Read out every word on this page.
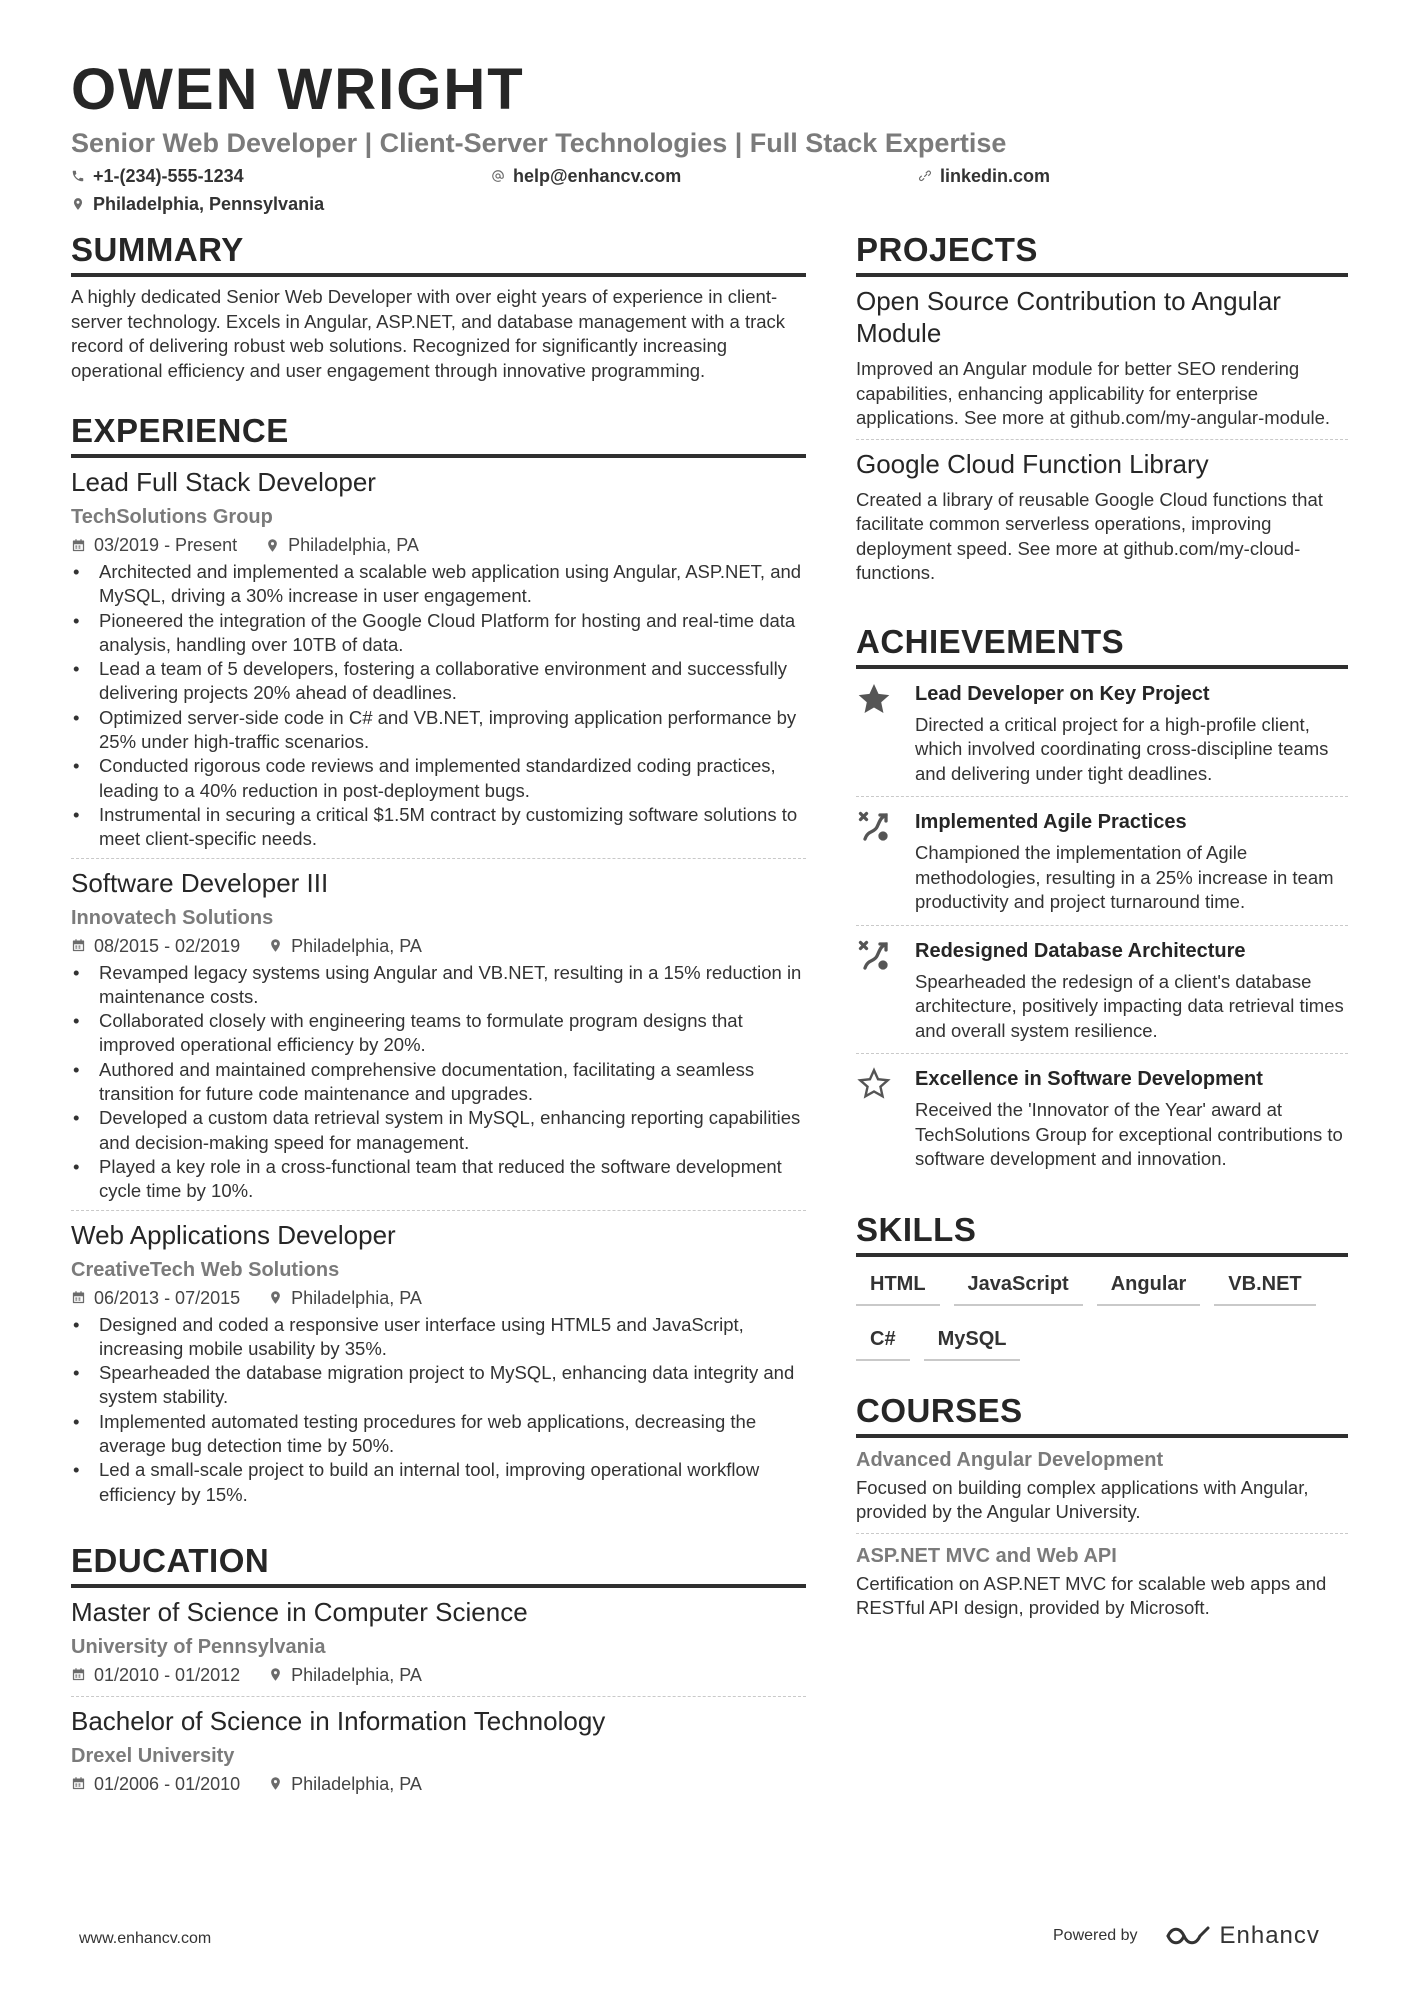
OWEN WRIGHT
Senior Web Developer | Client-Server Technologies | Full Stack Expertise
+1-(234)-555-1234	help@enhancv.com	linkedin.com
Philadelphia, Pennsylvania
SUMMARY
A highly dedicated Senior Web Developer with over eight years of experience in client-server technology. Excels in Angular, ASP.NET, and database management with a track record of delivering robust web solutions. Recognized for significantly increasing operational efficiency and user engagement through innovative programming.
EXPERIENCE
Lead Full Stack Developer
TechSolutions Group
03/2019 - Present	Philadelphia, PA
• Architected and implemented a scalable web application using Angular, ASP.NET, and MySQL, driving a 30% increase in user engagement.
• Pioneered the integration of the Google Cloud Platform for hosting and real-time data analysis, handling over 10TB of data.
• Lead a team of 5 developers, fostering a collaborative environment and successfully delivering projects 20% ahead of deadlines.
• Optimized server-side code in C# and VB.NET, improving application performance by 25% under high-traffic scenarios.
• Conducted rigorous code reviews and implemented standardized coding practices, leading to a 40% reduction in post-deployment bugs.
• Instrumental in securing a critical $1.5M contract by customizing software solutions to meet client-specific needs.
Software Developer III
Innovatech Solutions
08/2015 - 02/2019	Philadelphia, PA
• Revamped legacy systems using Angular and VB.NET, resulting in a 15% reduction in maintenance costs.
• Collaborated closely with engineering teams to formulate program designs that improved operational efficiency by 20%.
• Authored and maintained comprehensive documentation, facilitating a seamless transition for future code maintenance and upgrades.
• Developed a custom data retrieval system in MySQL, enhancing reporting capabilities and decision-making speed for management.
• Played a key role in a cross-functional team that reduced the software development cycle time by 10%.
Web Applications Developer
CreativeTech Web Solutions
06/2013 - 07/2015	Philadelphia, PA
• Designed and coded a responsive user interface using HTML5 and JavaScript, increasing mobile usability by 35%.
• Spearheaded the database migration project to MySQL, enhancing data integrity and system stability.
• Implemented automated testing procedures for web applications, decreasing the average bug detection time by 50%.
• Led a small-scale project to build an internal tool, improving operational workflow efficiency by 15%.
EDUCATION
Master of Science in Computer Science
University of Pennsylvania
01/2010 - 01/2012	Philadelphia, PA
Bachelor of Science in Information Technology
Drexel University
01/2006 - 01/2010	Philadelphia, PA
PROJECTS
Open Source Contribution to Angular Module
Improved an Angular module for better SEO rendering capabilities, enhancing applicability for enterprise applications. See more at github.com/my-angular-module.
Google Cloud Function Library
Created a library of reusable Google Cloud functions that facilitate common serverless operations, improving deployment speed. See more at github.com/my-cloud-functions.
ACHIEVEMENTS
Lead Developer on Key Project
Directed a critical project for a high-profile client, which involved coordinating cross-discipline teams and delivering under tight deadlines.
Implemented Agile Practices
Championed the implementation of Agile methodologies, resulting in a 25% increase in team productivity and project turnaround time.
Redesigned Database Architecture
Spearheaded the redesign of a client's database architecture, positively impacting data retrieval times and overall system resilience.
Excellence in Software Development
Received the 'Innovator of the Year' award at TechSolutions Group for exceptional contributions to software development and innovation.
SKILLS
HTML	JavaScript	Angular	VB.NET
C#	MySQL
COURSES
Advanced Angular Development
Focused on building complex applications with Angular, provided by the Angular University.
ASP.NET MVC and Web API
Certification on ASP.NET MVC for scalable web apps and RESTful API design, provided by Microsoft.
www.enhancv.com	Powered by	Enhancv
